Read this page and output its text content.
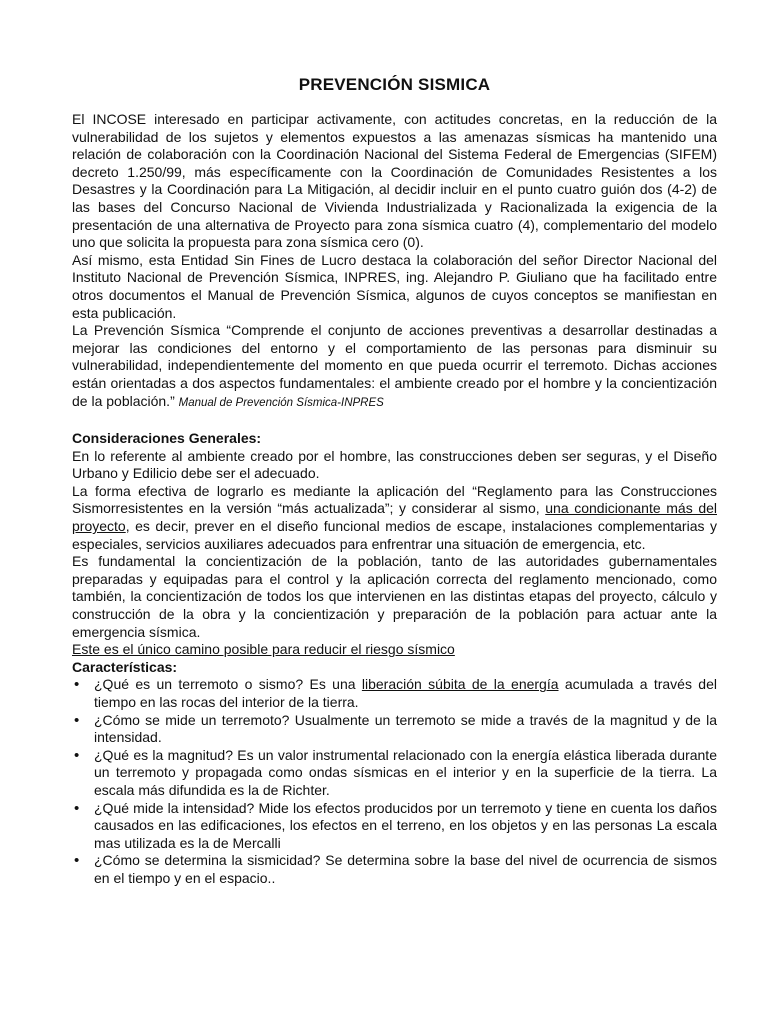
PREVENCIÓN SISMICA

El INCOSE interesado en participar activamente, con actitudes concretas, en la reducción de la vulnerabilidad de los sujetos y elementos expuestos a las amenazas sísmicas ha mantenido una relación de colaboración con la Coordinación Nacional del Sistema Federal de Emergencias (SIFEM) decreto 1.250/99, más específicamente con la Coordinación de Comunidades Resistentes a los Desastres y la Coordinación para La Mitigación, al decidir incluir en el punto cuatro guión dos (4-2) de las bases del Concurso Nacional de Vivienda Industrializada y Racionalizada la exigencia de la presentación de una alternativa de Proyecto para zona sísmica cuatro (4), complementario del modelo uno que solicita la propuesta para zona sísmica cero (0).

Así mismo, esta Entidad Sin Fines de Lucro destaca la colaboración del señor Director Nacional del Instituto Nacional de Prevención Sísmica, INPRES, ing. Alejandro P. Giuliano que ha facilitado entre otros documentos el Manual de Prevención Sísmica, algunos de cuyos conceptos se manifiestan en esta publicación.

La Prevención Sísmica “Comprende el conjunto de acciones preventivas a desarrollar destinadas a mejorar las condiciones del entorno y el comportamiento de las personas para disminuir su vulnerabilidad, independientemente del momento en que pueda ocurrir el terremoto. Dichas acciones están orientadas a dos aspectos fundamentales: el ambiente creado por el hombre y la concientización de la población.” Manual de Prevención Sísmica-INPRES

Consideraciones Generales:

En lo referente al ambiente creado por el hombre, las construcciones deben ser seguras, y el Diseño Urbano y Edilicio debe ser el adecuado.

La forma efectiva de lograrlo es mediante la aplicación del “Reglamento para las Construcciones Sismorresistentes en la versión “más actualizada”; y considerar al sismo, una condicionante más del proyecto, es decir, prever en el diseño funcional medios de escape, instalaciones complementarias y especiales, servicios auxiliares adecuados para enfrentrar una situación de emergencia, etc.

Es fundamental la concientización de la población, tanto de las autoridades gubernamentales preparadas y equipadas para el control y la aplicación correcta del reglamento mencionado, como también, la concientización de todos los que intervienen en las distintas etapas del proyecto, cálculo y construcción de la obra y la concientización y preparación de la población para actuar ante la emergencia sísmica.

Este es el único camino posible para reducir el riesgo sísmico

Características:

• ¿Qué es un terremoto o sismo? Es una liberación súbita de la energía acumulada a través del tiempo en las rocas del interior de la tierra.
• ¿Cómo se mide un terremoto? Usualmente un terremoto se mide a través de la magnitud y de la intensidad.
• ¿Qué es la magnitud? Es un valor instrumental relacionado con la energía elástica liberada durante un terremoto y propagada como ondas sísmicas en el interior y en la superficie de la tierra. La escala más difundida es la de Richter.
• ¿Qué mide la intensidad? Mide los efectos producidos por un terremoto y tiene en cuenta los daños causados en las edificaciones, los efectos en el terreno, en los objetos y en las personas La escala mas utilizada es la de Mercalli
• ¿Cómo se determina la sismicidad? Se determina sobre la base del nivel de ocurrencia de sismos en el tiempo y en el espacio..
